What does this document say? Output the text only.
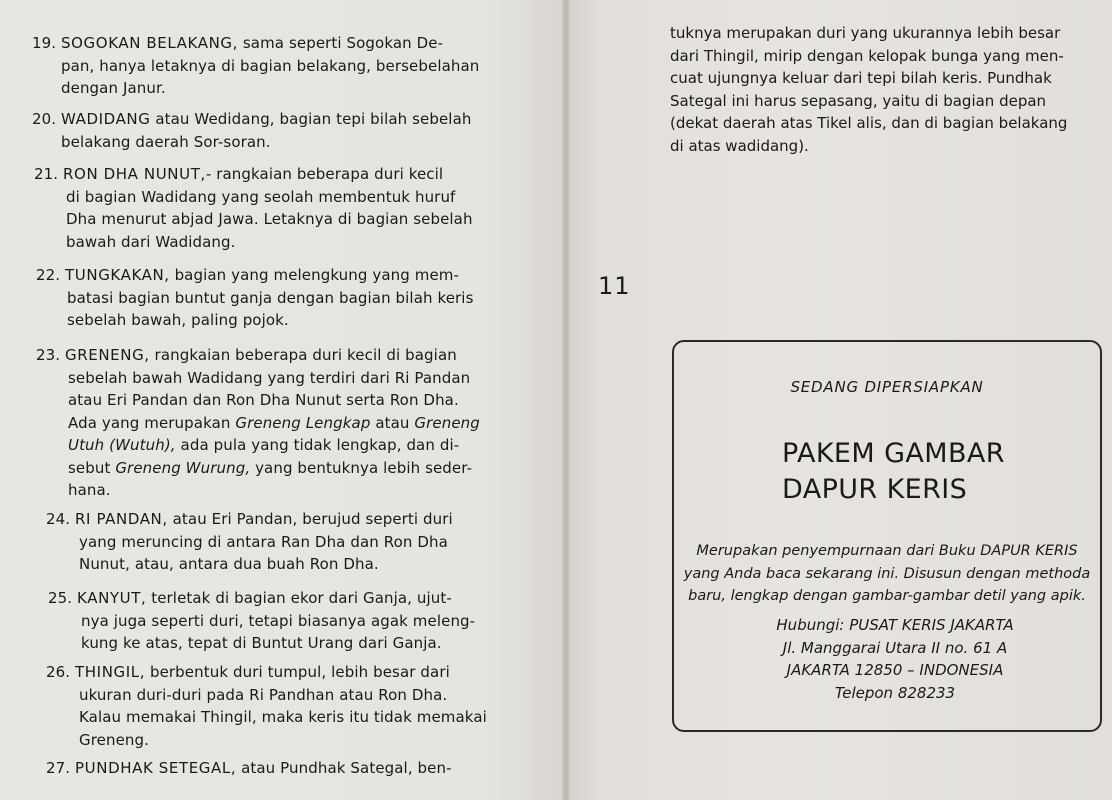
19. SOGOKAN BELAKANG, sama seperti Sogokan De-
pan, hanya letaknya di bagian belakang, bersebelahan
dengan Janur.
20. WADIDANG atau Wedidang, bagian tepi bilah sebelah
belakang daerah Sor-soran.
21. RON DHA NUNUT,- rangkaian beberapa duri kecil
di bagian Wadidang yang seolah membentuk huruf
Dha menurut abjad Jawa. Letaknya di bagian sebelah
bawah dari Wadidang.
22. TUNGKAKAN, bagian yang melengkung yang mem-
batasi bagian buntut ganja dengan bagian bilah keris
sebelah bawah, paling pojok.
23. GRENENG, rangkaian beberapa duri kecil di bagian
sebelah bawah Wadidang yang terdiri dari Ri Pandan
atau Eri Pandan dan Ron Dha Nunut serta Ron Dha.
Ada yang merupakan Greneng Lengkap atau Greneng
Utuh (Wutuh), ada pula yang tidak lengkap, dan di-
sebut Greneng Wurung, yang bentuknya lebih seder-
hana.
24. RI PANDAN, atau Eri Pandan, berujud seperti duri
yang meruncing di antara Ran Dha dan Ron Dha
Nunut, atau, antara dua buah Ron Dha.
25. KANYUT, terletak di bagian ekor dari Ganja, ujut-
nya juga seperti duri, tetapi biasanya agak meleng-
kung ke atas, tepat di Buntut Urang dari Ganja.
26. THINGIL, berbentuk duri tumpul, lebih besar dari
ukuran duri-duri pada Ri Pandhan atau Ron Dha.
Kalau memakai Thingil, maka keris itu tidak memakai
Greneng.
27. PUNDHAK SETEGAL, atau Pundhak Sategal, ben-
tuknya merupakan duri yang ukurannya lebih besar
dari Thingil, mirip dengan kelopak bunga yang men-
cuat ujungnya keluar dari tepi bilah keris. Pundhak
Sategal ini harus sepasang, yaitu di bagian depan
(dekat daerah atas Tikel alis, dan di bagian belakang
di atas wadidang).
11
SEDANG DIPERSIAPKAN
PAKEM GAMBAR
DAPUR KERIS
Merupakan penyempurnaan dari Buku DAPUR KERIS
yang Anda baca sekarang ini. Disusun dengan methoda
baru, lengkap dengan gambar-gambar detil yang apik.
Hubungi: PUSAT KERIS JAKARTA
Jl. Manggarai Utara II no. 61 A
JAKARTA 12850 – INDONESIA
Telepon 828233
